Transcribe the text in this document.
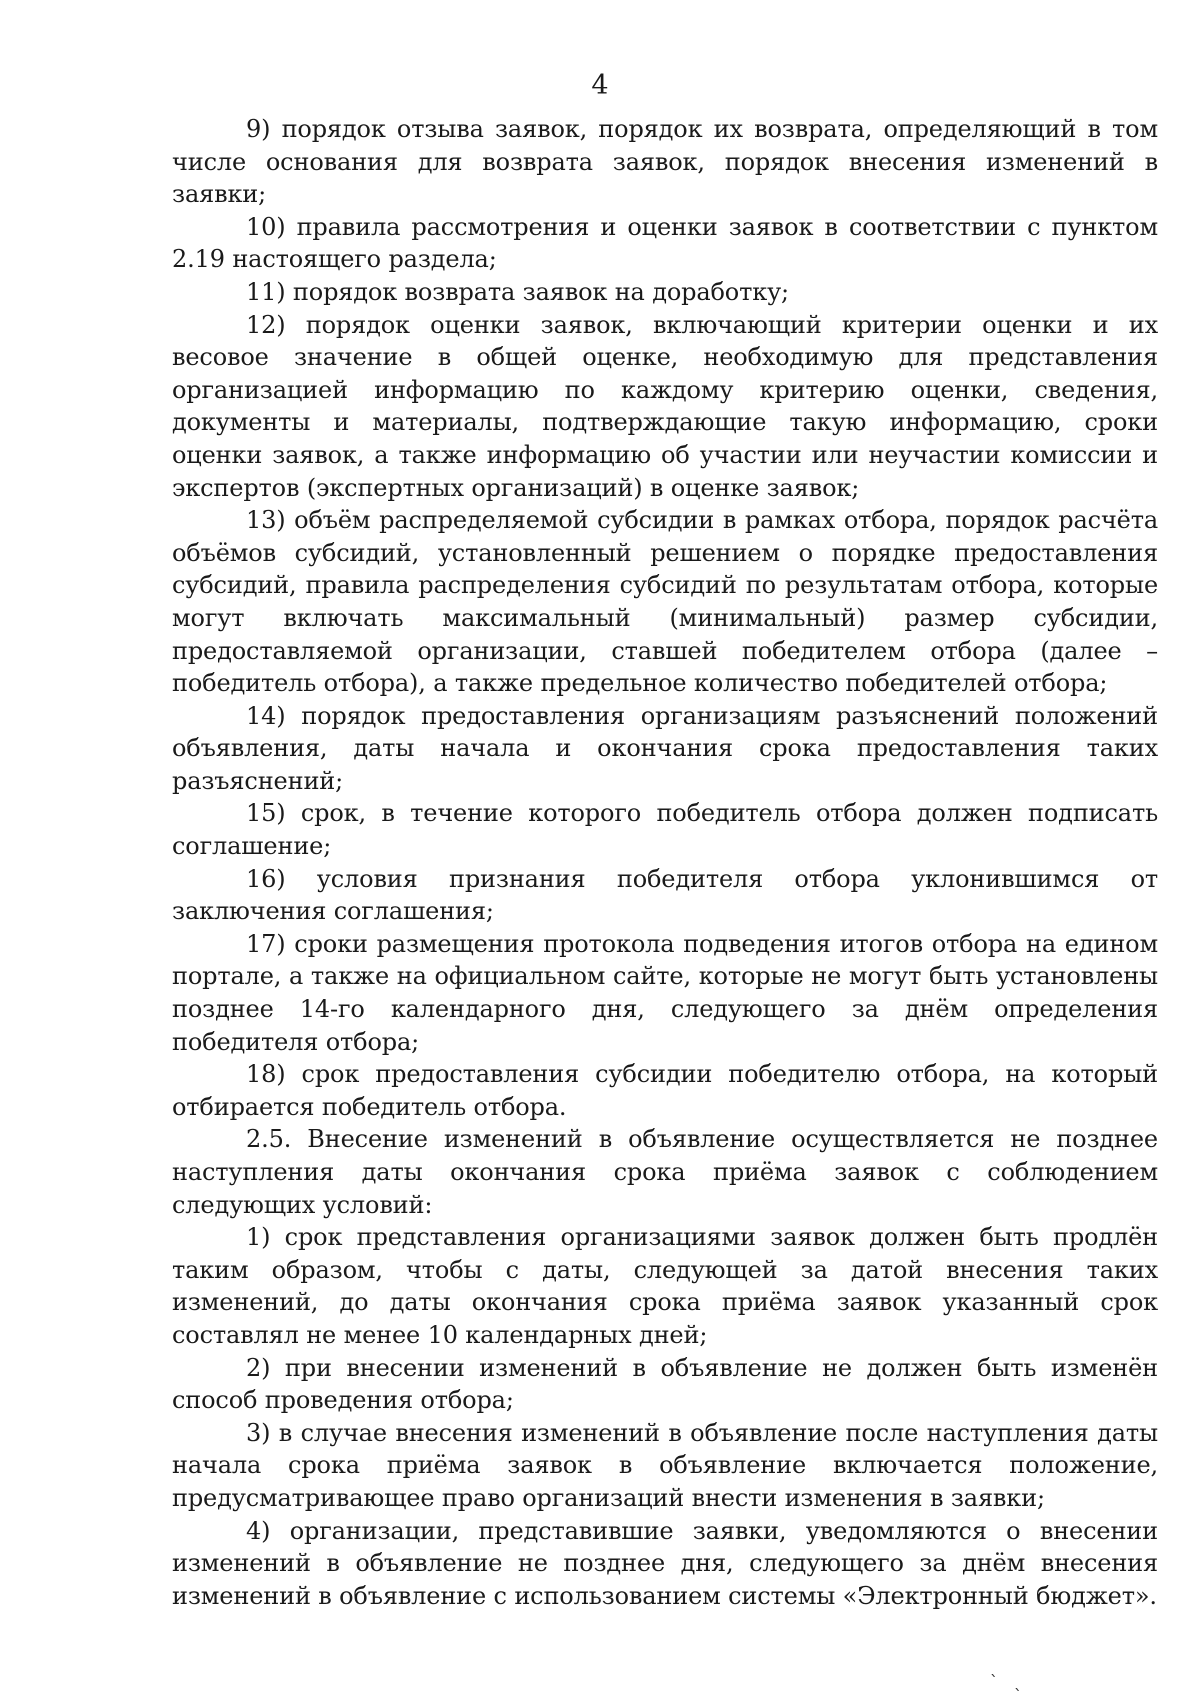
4

9) порядок отзыва заявок, порядок их возврата, определяющий в том числе основания для возврата заявок, порядок внесения изменений в заявки;

10) правила рассмотрения и оценки заявок в соответствии с пунктом 2.19 настоящего раздела;

11) порядок возврата заявок на доработку;

12) порядок оценки заявок, включающий критерии оценки и их весовое значение в общей оценке, необходимую для представления организацией информацию по каждому критерию оценки, сведения, документы и материалы, подтверждающие такую информацию, сроки оценки заявок, а также информацию об участии или неучастии комиссии и экспертов (экспертных организаций) в оценке заявок;

13) объём распределяемой субсидии в рамках отбора, порядок расчёта объёмов субсидий, установленный решением о порядке предоставления субсидий, правила распределения субсидий по результатам отбора, которые могут включать максимальный (минимальный) размер субсидии, предоставляемой организации, ставшей победителем отбора (далее – победитель отбора), а также предельное количество победителей отбора;

14) порядок предоставления организациям разъяснений положений объявления, даты начала и окончания срока предоставления таких разъяснений;

15) срок, в течение которого победитель отбора должен подписать соглашение;

16) условия признания победителя отбора уклонившимся от заключения соглашения;

17) сроки размещения протокола подведения итогов отбора на едином портале, а также на официальном сайте, которые не могут быть установлены позднее 14-го календарного дня, следующего за днём определения победителя отбора;

18) срок предоставления субсидии победителю отбора, на который отбирается победитель отбора.

2.5. Внесение изменений в объявление осуществляется не позднее наступления даты окончания срока приёма заявок с соблюдением следующих условий:

1) срок представления организациями заявок должен быть продлён таким образом, чтобы с даты, следующей за датой внесения таких изменений, до даты окончания срока приёма заявок указанный срок составлял не менее 10 календарных дней;

2) при внесении изменений в объявление не должен быть изменён способ проведения отбора;

3) в случае внесения изменений в объявление после наступления даты начала срока приёма заявок в объявление включается положение, предусматривающее право организаций внести изменения в заявки;

4) организации, представившие заявки, уведомляются о внесении изменений в объявление не позднее дня, следующего за днём внесения изменений в объявление с использованием системы «Электронный бюджет».

ˋ ˎ
